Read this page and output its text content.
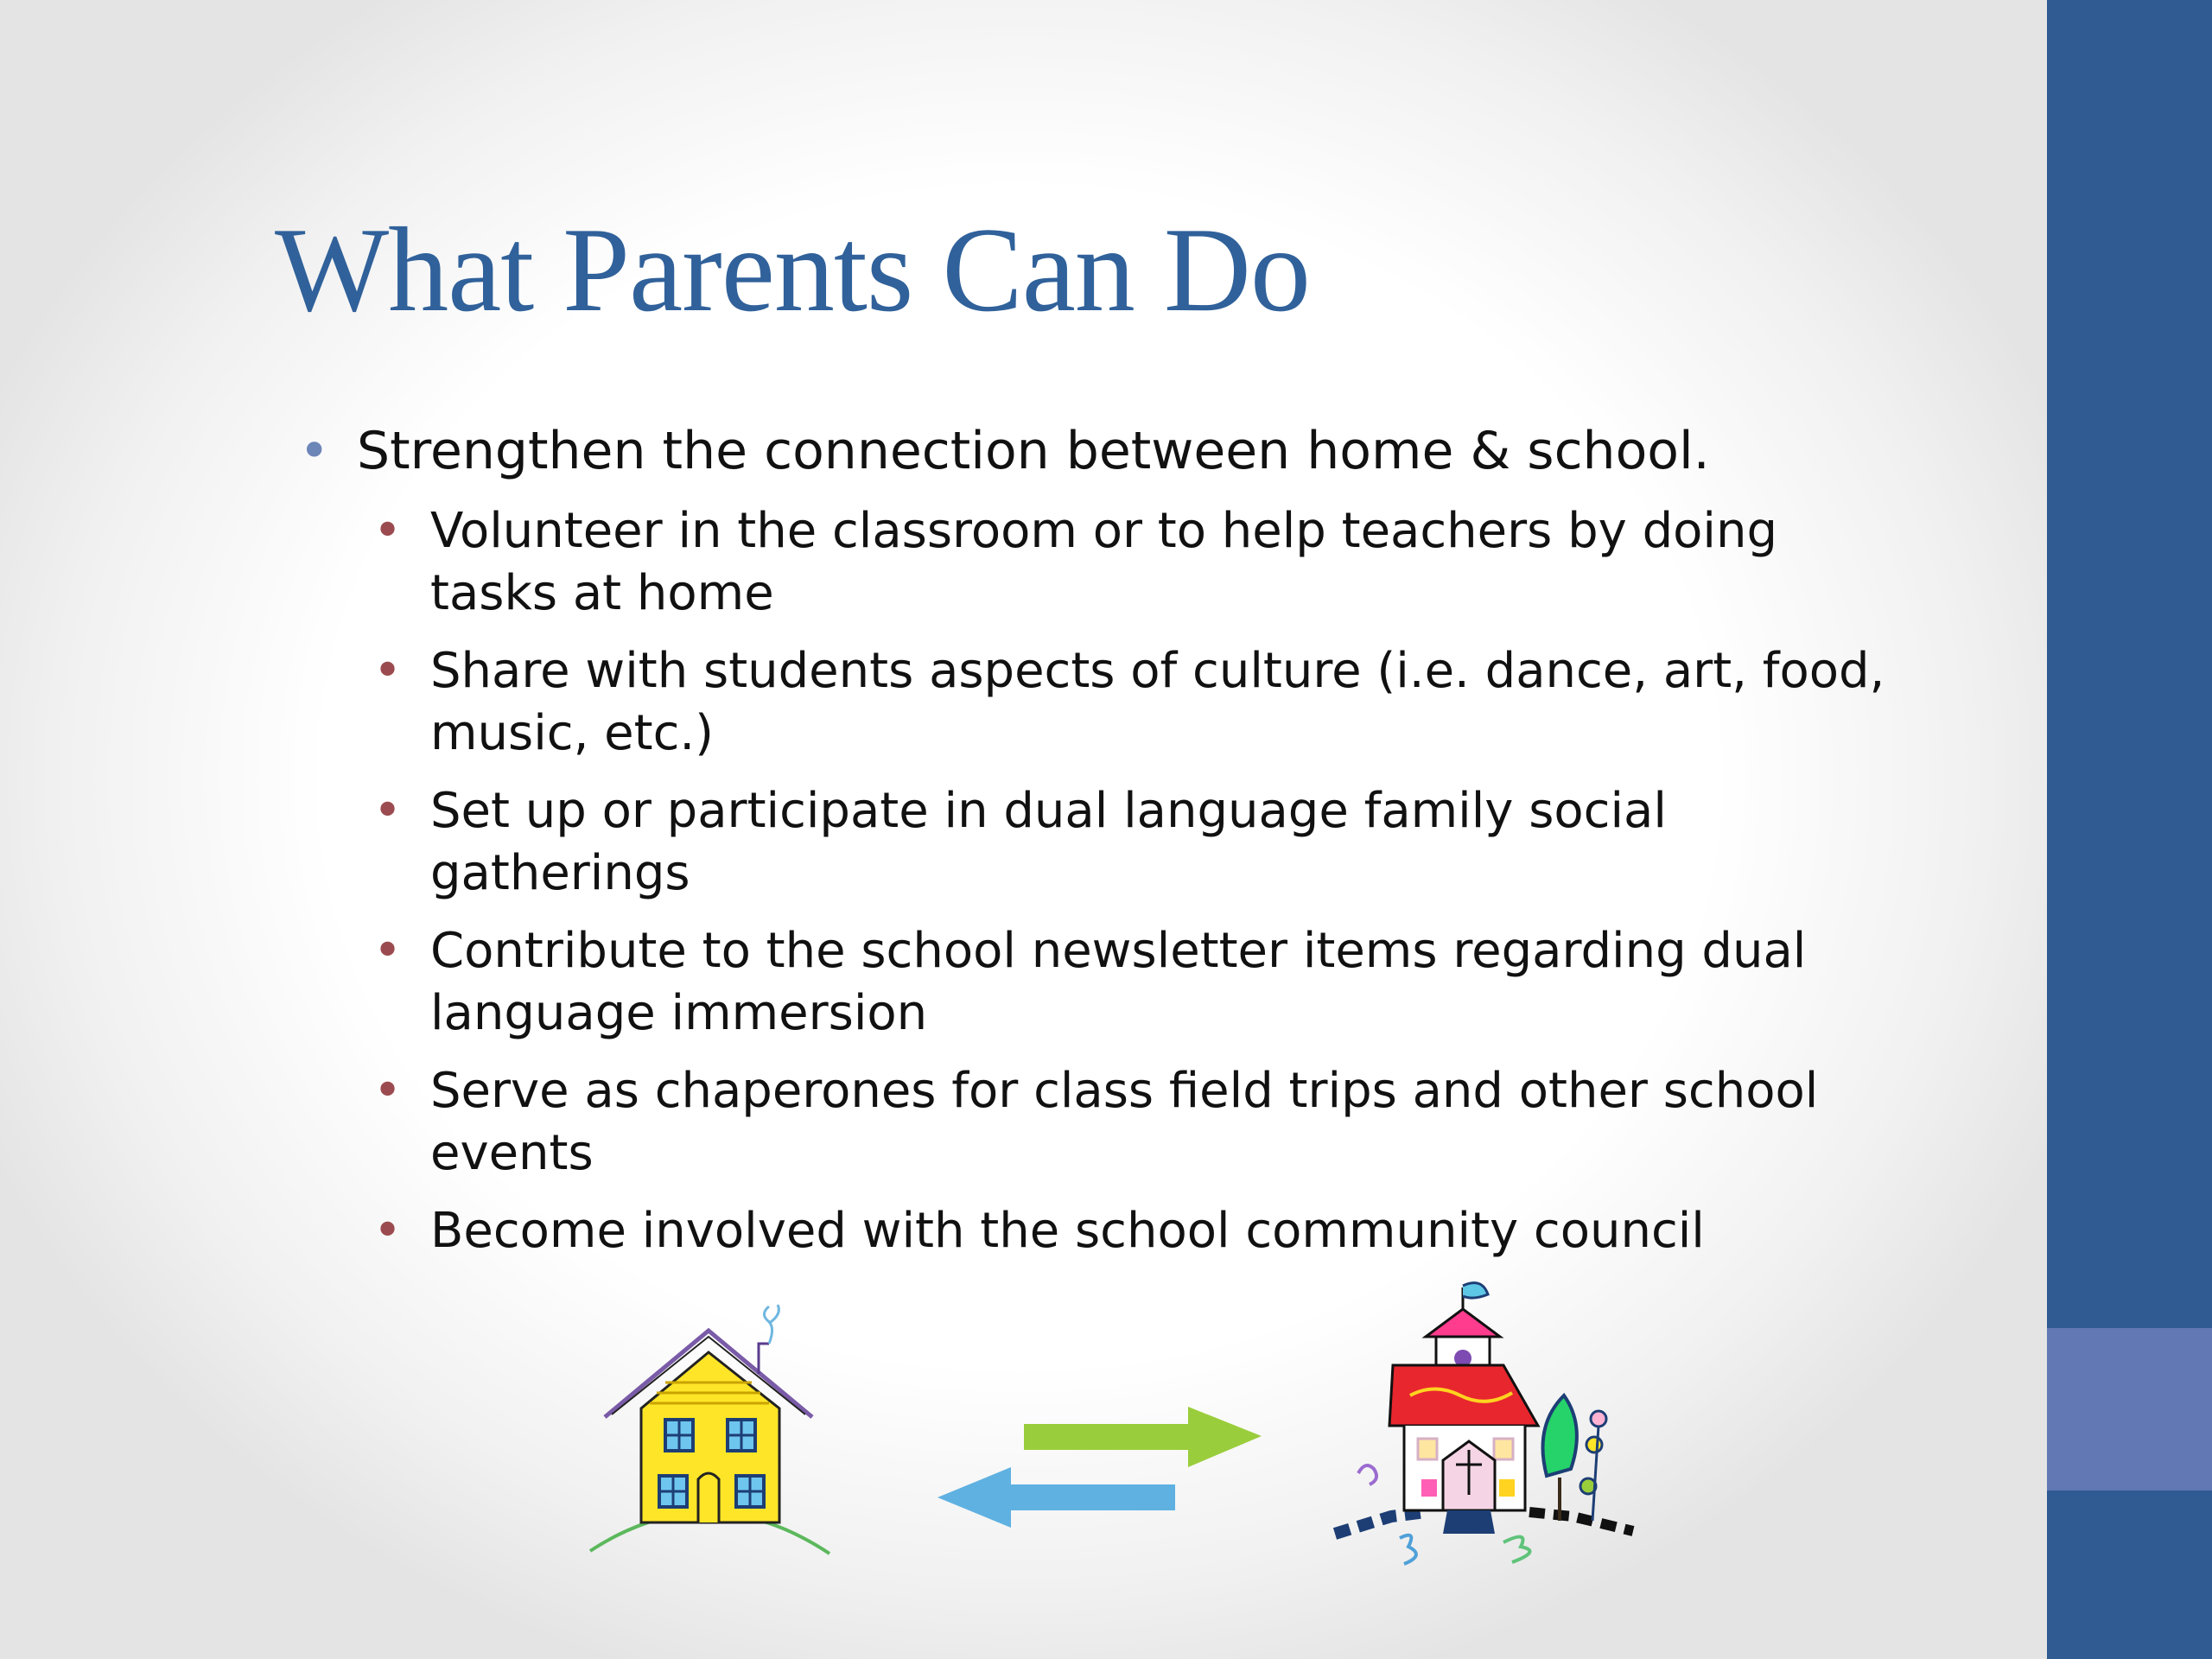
What Parents Can Do
• Strengthen the connection between home & school.
• Volunteer in the classroom or to help teachers by doing tasks at home
• Share with students aspects of culture (i.e. dance, art, food, music, etc.)
• Set up or participate in dual language family social gatherings
• Contribute to the school newsletter items regarding dual language immersion
• Serve as chaperones for class field trips and other school events
• Become involved with the school community council
